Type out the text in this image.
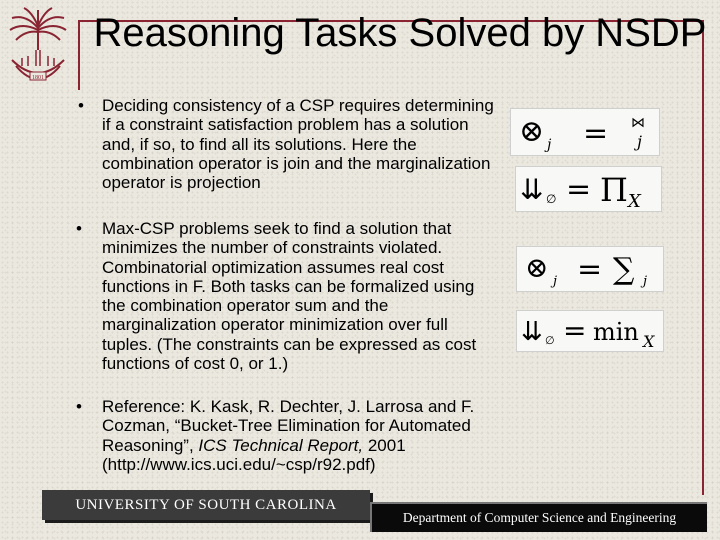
1801
Reasoning Tasks Solved by NSDP
• Deciding consistency of a CSP requires determining if a constraint satisfaction problem has a solution and, if so, to find all its solutions. Here the combination operator is join and the marginalization operator is projection
• Max-CSP problems seek to find a solution that minimizes the number of constraints violated. Combinatorial optimization assumes real cost functions in F. Both tasks can be formalized using the combination operator sum and the marginalization operator minimization over full tuples. (The constraints can be expressed as cost functions of cost 0, or 1.)
• Reference: K. Kask, R. Dechter, J. Larrosa and F. Cozman, “Bucket-Tree Elimination for Automated Reasoning”, ICS Technical Report, 2001 (http://www.ics.uci.edu/~csp/r92.pdf)
⊗ j = ⋈
j
⇊ ∅ = Π X
⊗ j = ∑ j
⇊ ∅ = min X
UNIVERSITY OF SOUTH CAROLINA
Department of Computer Science and Engineering
